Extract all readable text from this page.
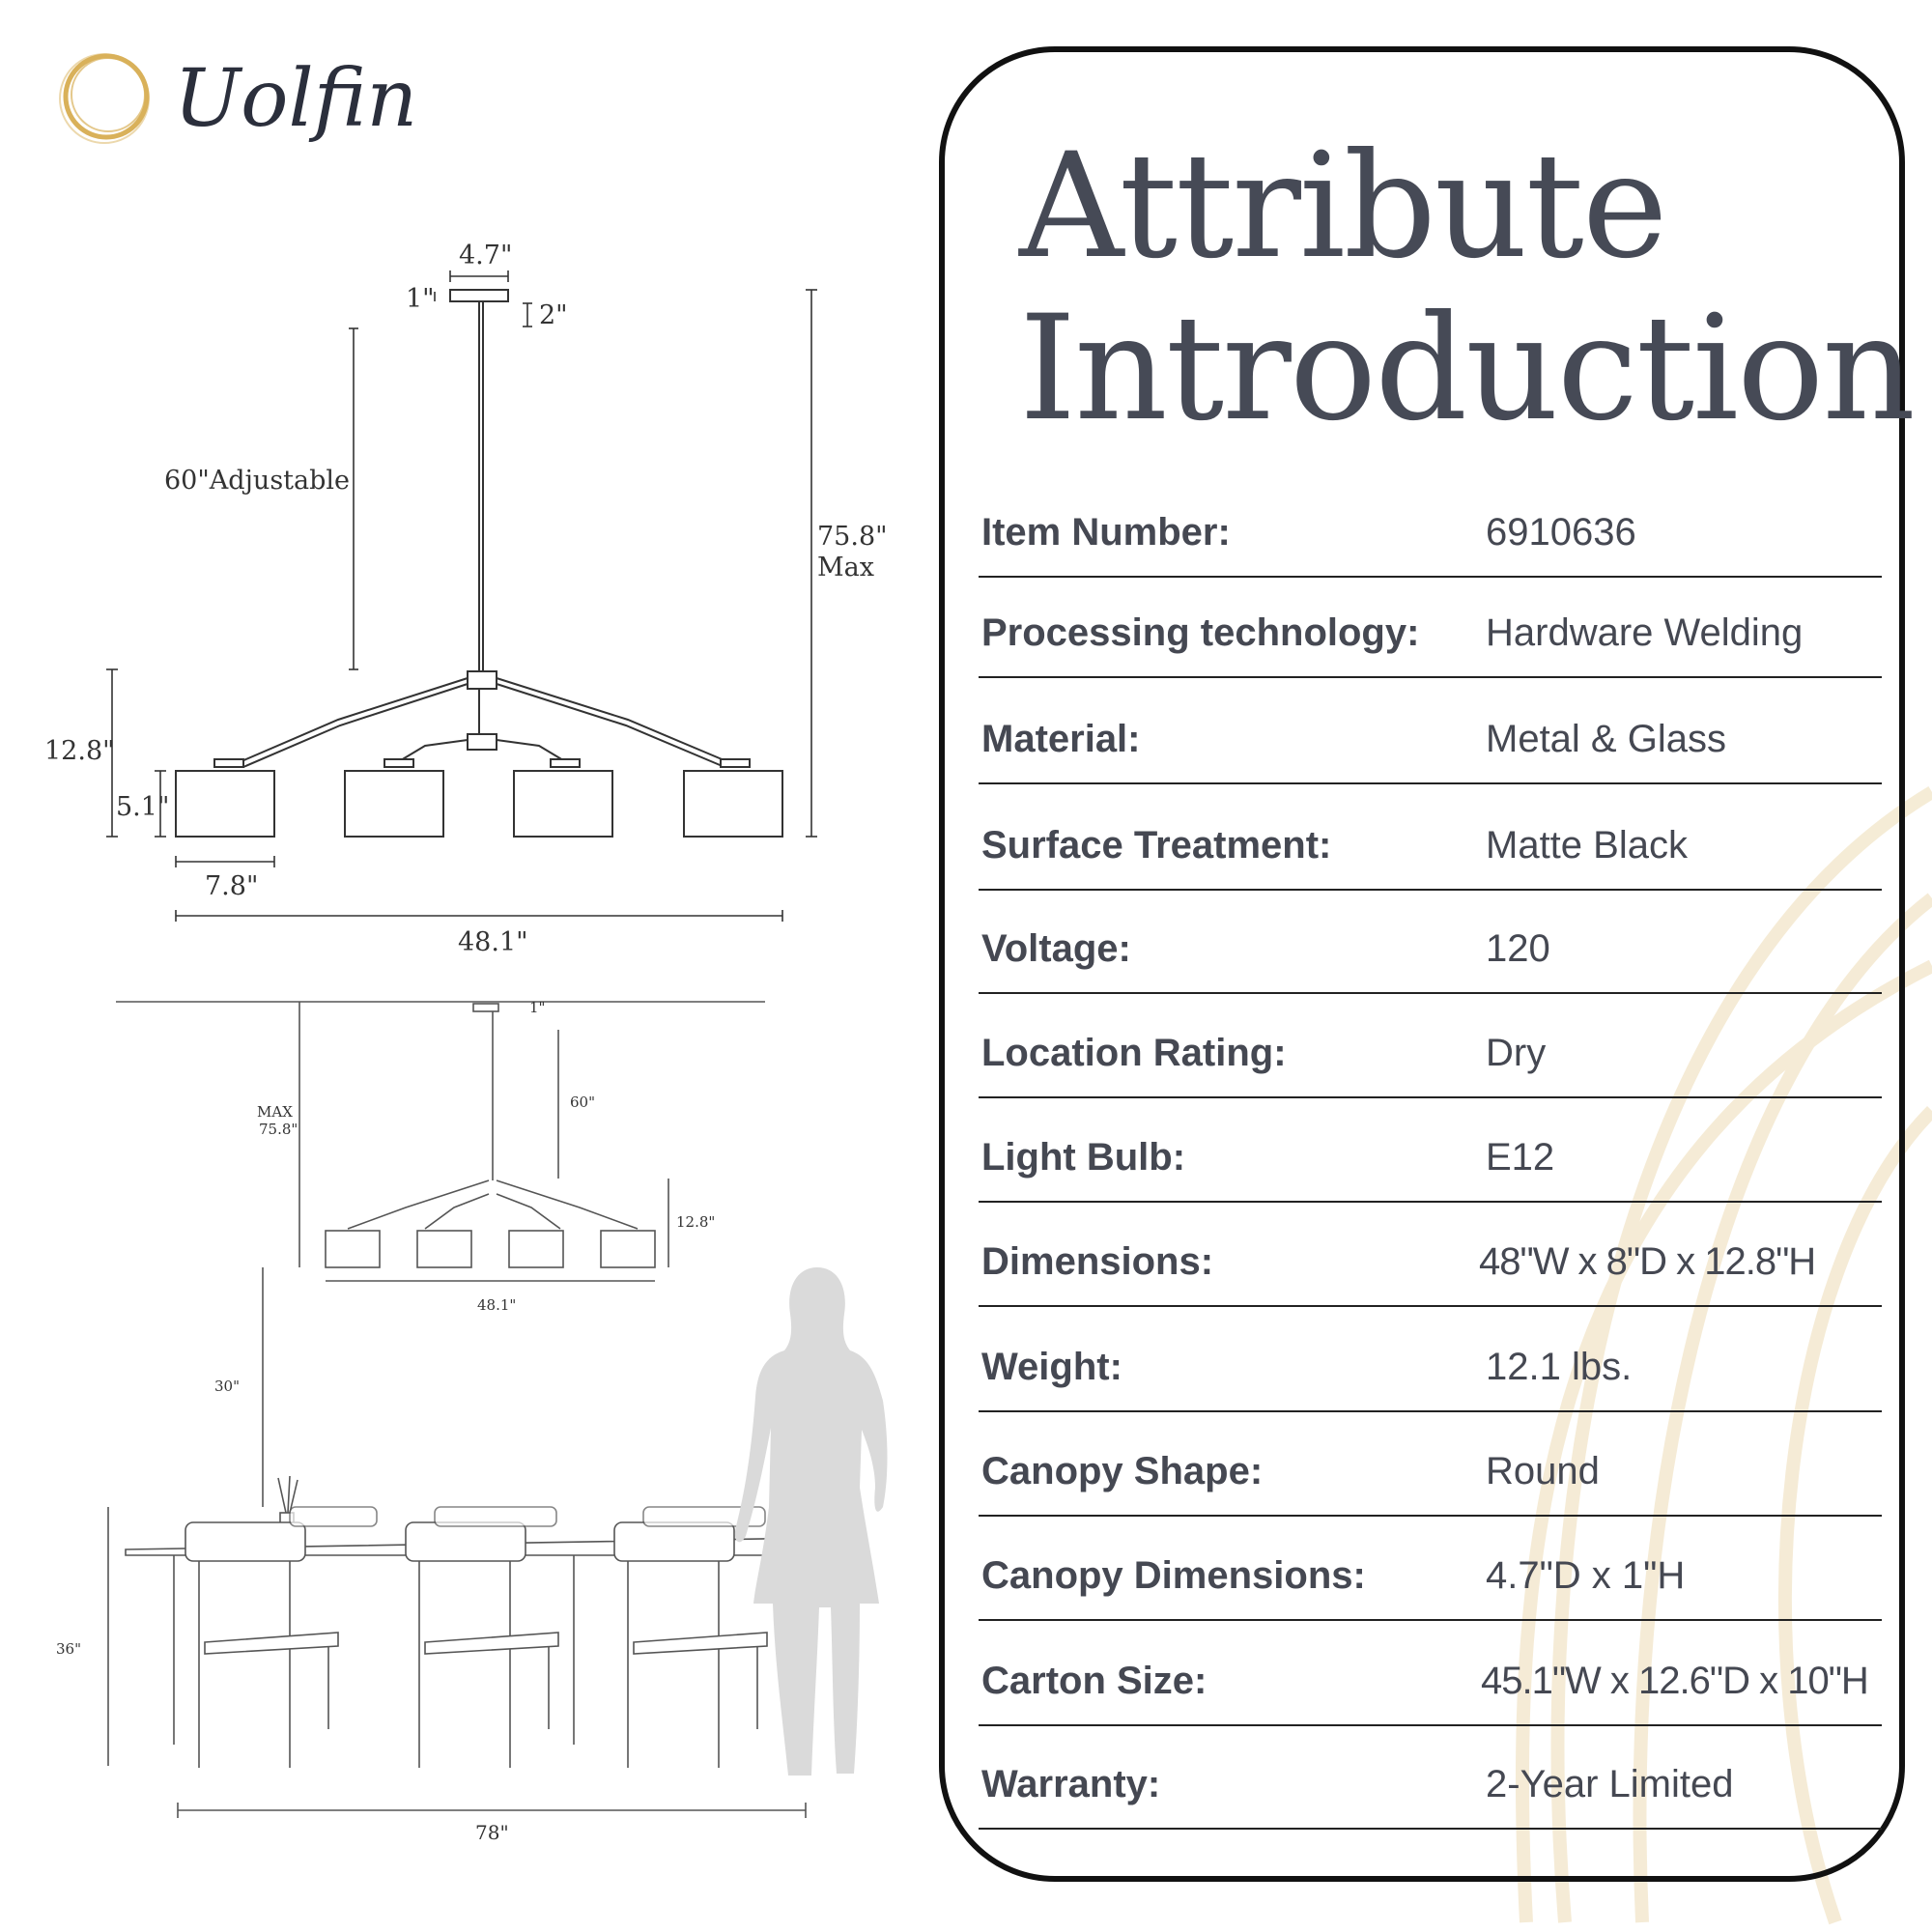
4.7"
1"
2"
60"Adjustable
75.8"
Max
12.8"
5.1"
7.8"
48.1"
1"
MAX
75.8"
60"
12.8"
48.1"
30"
36"
78"
Uolfin
Attribute
Introduction
Item Number:	6910636
Processing technology: Hardware Welding
Material:	Metal & Glass
Surface Treatment:	Matte Black
Voltage:	120
Location Rating:	Dry
Light Bulb:	E12
Dimensions:	48"W x 8"D x 12.8"H
Weight:	12.1 lbs.
Canopy Shape:	Round
Canopy Dimensions:	4.7"D x 1"H
Carton Size:	45.1"W x 12.6"D x 10"H
Warranty:	2-Year Limited
